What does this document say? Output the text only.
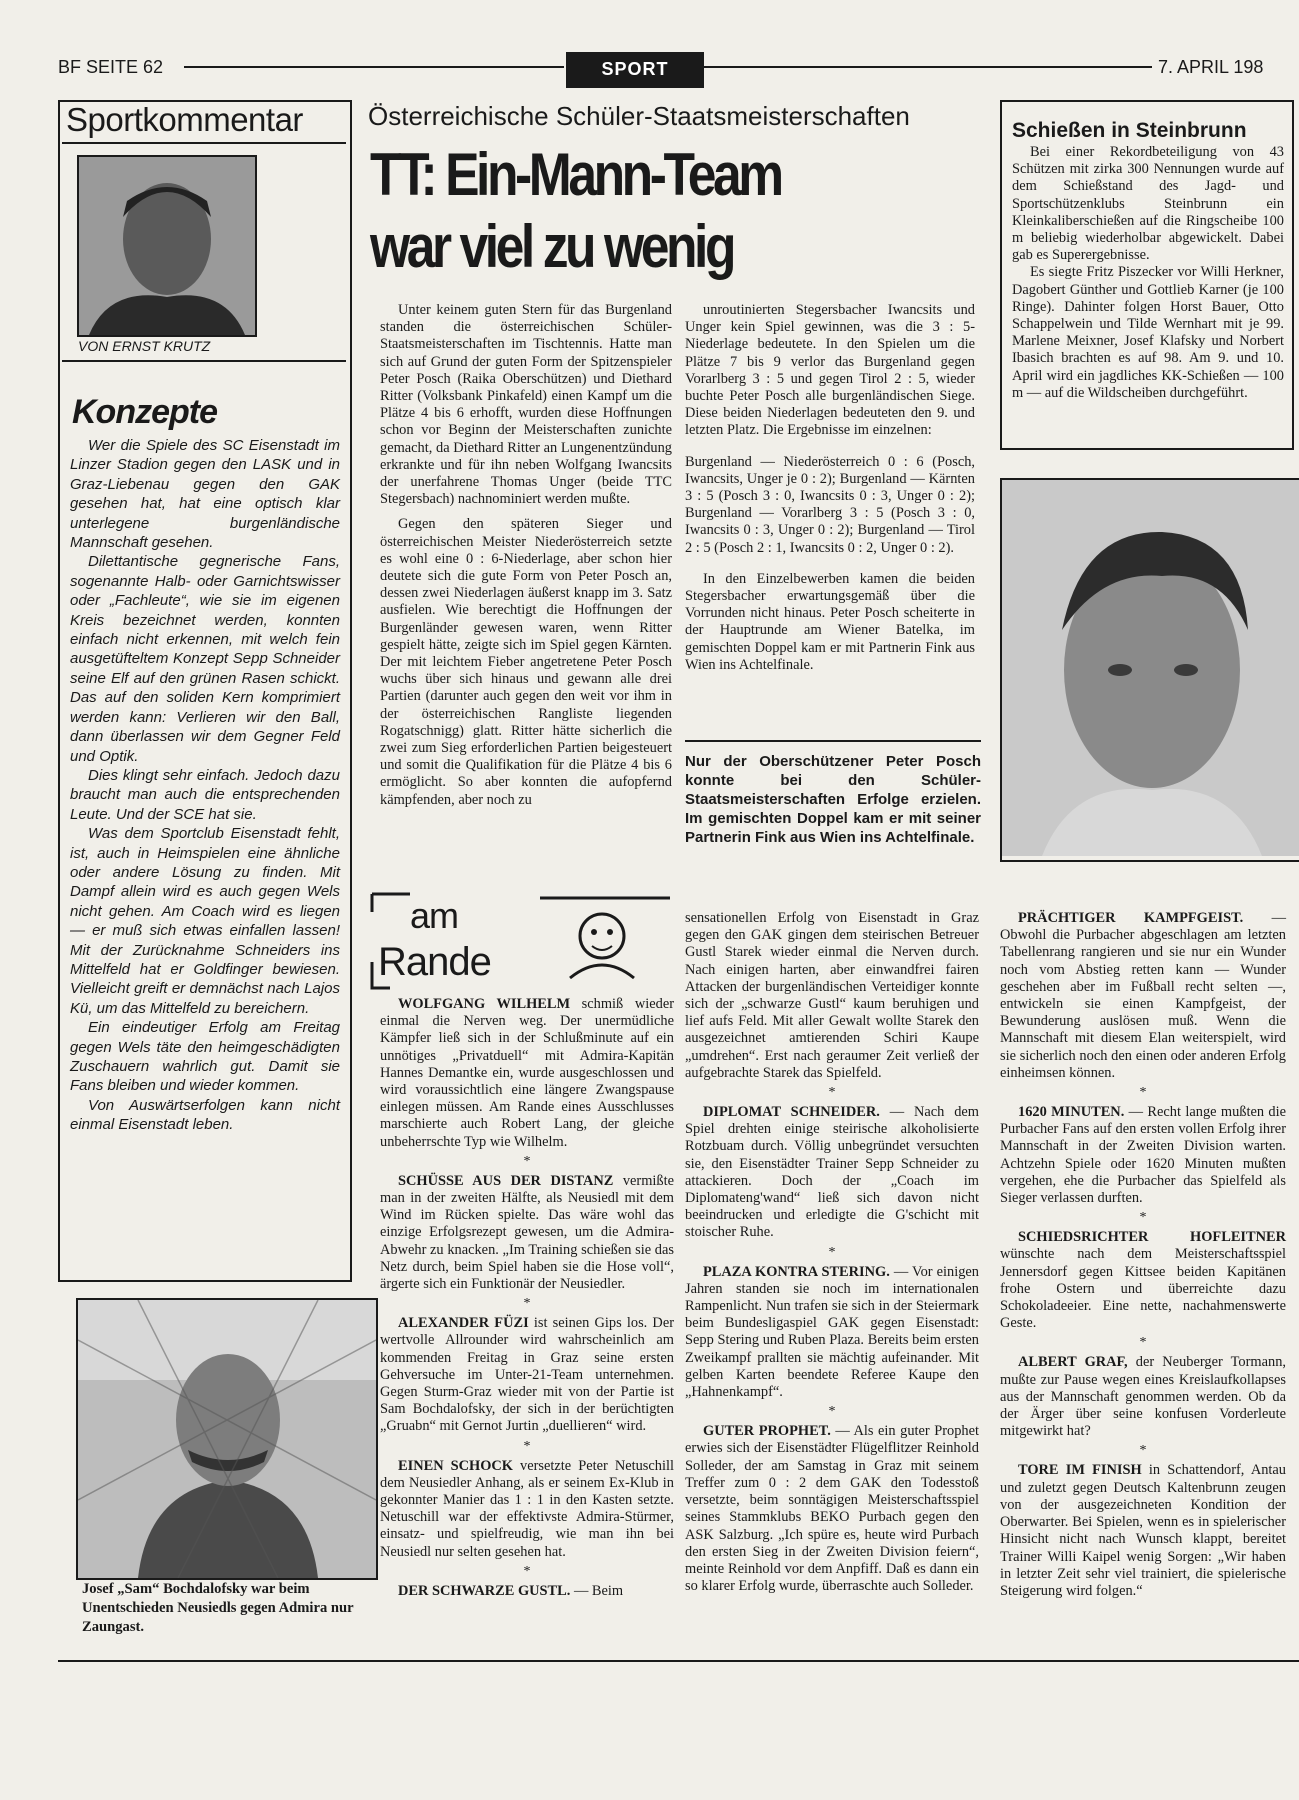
BF SEITE 62	SPORT	7. APRIL 198
Sportkommentar
VON ERNST KRUTZ
Konzepte

Wer die Spiele des SC Eisenstadt im Linzer Stadion gegen den LASK und in Graz-Liebenau gegen den GAK gesehen hat, hat eine optisch klar unterlegene burgenländische Mannschaft gesehen.

Dilettantische gegnerische Fans, sogenannte Halb- oder Garnichtswisser oder „Fachleute“, wie sie im eigenen Kreis bezeichnet werden, konnten einfach nicht erkennen, mit welch fein ausgetüfteltem Konzept Sepp Schneider seine Elf auf den grünen Rasen schickt. Das auf den soliden Kern komprimiert werden kann: Verlieren wir den Ball, dann überlassen wir dem Gegner Feld und Optik.

Dies klingt sehr einfach. Jedoch dazu braucht man auch die entsprechenden Leute. Und der SCE hat sie.

Was dem Sportclub Eisenstadt fehlt, ist, auch in Heimspielen eine ähnliche oder andere Lösung zu finden. Mit Dampf allein wird es auch gegen Wels nicht gehen. Am Coach wird es liegen — er muß sich etwas einfallen lassen! Mit der Zurücknahme Schneiders ins Mittelfeld hat er Goldfinger bewiesen. Vielleicht greift er demnächst nach Lajos Kü, um das Mittelfeld zu bereichern.

Ein eindeutiger Erfolg am Freitag gegen Wels täte den heimgeschädigten Zuschauern wahrlich gut. Damit sie Fans bleiben und wieder kommen.

Von Auswärtserfolgen kann nicht einmal Eisenstadt leben.

Josef „Sam“ Bochdalofsky war beim Unentschieden Neusiedls gegen Admira nur Zaungast.
Österreichische Schüler-Staatsmeisterschaften
TT: Ein-Mann-Team
war viel zu wenig

Unter keinem guten Stern für das Burgenland standen die österreichischen Schüler-Staatsmeisterschaften im Tischtennis. Hatte man sich auf Grund der guten Form der Spitzenspieler Peter Posch (Raika Oberschützen) und Diethard Ritter (Volksbank Pinkafeld) einen Kampf um die Plätze 4 bis 6 erhofft, wurden diese Hoffnungen schon vor Beginn der Meisterschaften zunichte gemacht, da Diethard Ritter an Lungenentzündung erkrankte und für ihn neben Wolfgang Iwancsits der unerfahrene Thomas Unger (beide TTC Stegersbach) nachnominiert werden mußte.

Gegen den späteren Sieger und österreichischen Meister Niederösterreich setzte es wohl eine 0 : 6-Niederlage, aber schon hier deutete sich die gute Form von Peter Posch an, dessen zwei Niederlagen äußerst knapp im 3. Satz ausfielen. Wie berechtigt die Hoffnungen der Burgenländer gewesen waren, wenn Ritter gespielt hätte, zeigte sich im Spiel gegen Kärnten. Der mit leichtem Fieber angetretene Peter Posch wuchs über sich hinaus und gewann alle drei Partien (darunter auch gegen den weit vor ihm in der österreichischen Rangliste liegenden Rogatschnigg) glatt. Ritter hätte sicherlich die zwei zum Sieg erforderlichen Partien beigesteuert und somit die Qualifikation für die Plätze 4 bis 6 ermöglicht. So aber konnten die aufopfernd kämpfenden, aber noch zu

unroutinierten Stegersbacher Iwancsits und Unger kein Spiel gewinnen, was die 3 : 5-Niederlage bedeutete. In den Spielen um die Plätze 7 bis 9 verlor das Burgenland gegen Vorarlberg 3 : 5 und gegen Tirol 2 : 5, wieder buchte Peter Posch alle burgenländischen Siege. Diese beiden Niederlagen bedeuteten den 9. und letzten Platz. Die Ergebnisse im einzelnen:

Burgenland — Niederösterreich 0 : 6 (Posch, Iwancsits, Unger je 0 : 2); Burgenland — Kärnten 3 : 5 (Posch 3 : 0, Iwancsits 0 : 3, Unger 0 : 2); Burgenland — Vorarlberg 3 : 5 (Posch 3 : 0, Iwancsits 0 : 3, Unger 0 : 2); Burgenland — Tirol 2 : 5 (Posch 2 : 1, Iwancsits 0 : 2, Unger 0 : 2).

In den Einzelbewerben kamen die beiden Stegersbacher erwartungsgemäß über die Vorrunden nicht hinaus. Peter Posch scheiterte in der Hauptrunde am Wiener Batelka, im gemischten Doppel kam er mit Partnerin Fink aus Wien ins Achtelfinale.

Nur der Oberschützener Peter Posch konnte bei den Schüler-Staatsmeisterschaften Erfolge erzielen. Im gemischten Doppel kam er mit seiner Partnerin Fink aus Wien ins Achtelfinale.
Schießen in Steinbrunn

Bei einer Rekordbeteiligung von 43 Schützen mit zirka 300 Nennungen wurde auf dem Schießstand des Jagd- und Sportschützenklubs Steinbrunn ein Kleinkaliberschießen auf die Ringscheibe 100 m beliebig wiederholbar abgewickelt. Dabei gab es Superergebnisse.

Es siegte Fritz Piszecker vor Willi Herkner, Dagobert Günther und Gottlieb Karner (je 100 Ringe). Dahinter folgen Horst Bauer, Otto Schappelwein und Tilde Wernhart mit je 99. Marlene Meixner, Josef Klafsky und Norbert Ibasich brachten es auf 98. Am 9. und 10. April wird ein jagdliches KK-Schießen — 100 m — auf die Wildscheiben durchgeführt.

am
Rande

WOLFGANG WILHELM schmiß wieder einmal die Nerven weg. Der unermüdliche Kämpfer ließ sich in der Schlußminute auf ein unnötiges „Privatduell“ mit Admira-Kapitän Hannes Demantke ein, wurde ausgeschlossen und wird voraussichtlich eine längere Zwangspause einlegen müssen. Am Rande eines Ausschlusses marschierte auch Robert Lang, der gleiche unbeherrschte Typ wie Wilhelm.

*

SCHÜSSE AUS DER DISTANZ vermißte man in der zweiten Hälfte, als Neusiedl mit dem Wind im Rücken spielte. Das wäre wohl das einzige Erfolgsrezept gewesen, um die Admira-Abwehr zu knacken. „Im Training schießen sie das Netz durch, beim Spiel haben sie die Hose voll“, ärgerte sich ein Funktionär der Neusiedler.

*

ALEXANDER FÜZI ist seinen Gips los. Der wertvolle Allrounder wird wahrscheinlich am kommenden Freitag in Graz seine ersten Gehversuche im Unter-21-Team unternehmen. Gegen Sturm-Graz wieder mit von der Partie ist Sam Bochdalofsky, der sich in der berüchtigten „Gruabn“ mit Gernot Jurtin „duellieren“ wird.

*

EINEN SCHOCK versetzte Peter Netuschill dem Neusiedler Anhang, als er seinem Ex-Klub in gekonnter Manier das 1 : 1 in den Kasten setzte. Netuschill war der effektivste Admira-Stürmer, einsatz- und spielfreudig, wie man ihn bei Neusiedl nur selten gesehen hat.

*

DER SCHWARZE GUSTL. — Beim

sensationellen Erfolg von Eisenstadt in Graz gegen den GAK gingen dem steirischen Betreuer Gustl Starek wieder einmal die Nerven durch. Nach einigen harten, aber einwandfrei fairen Attacken der burgenländischen Verteidiger konnte sich der „schwarze Gustl“ kaum beruhigen und lief aufs Feld. Mit aller Gewalt wollte Starek den ausgezeichnet amtierenden Schiri Kaupe „umdrehen“. Erst nach geraumer Zeit verließ der aufgebrachte Starek das Spielfeld.

*

DIPLOMAT SCHNEIDER. — Nach dem Spiel drehten einige steirische alkoholisierte Rotzbuam durch. Völlig unbegründet versuchten sie, den Eisenstädter Trainer Sepp Schneider zu attackieren. Doch der „Coach im Diplomateng'wand“ ließ sich davon nicht beeindrucken und erledigte die G'schicht mit stoischer Ruhe.

*

PLAZA KONTRA STERING. — Vor einigen Jahren standen sie noch im internationalen Rampenlicht. Nun trafen sie sich in der Steiermark beim Bundesligaspiel GAK gegen Eisenstadt: Sepp Stering und Ruben Plaza. Bereits beim ersten Zweikampf prallten sie mächtig aufeinander. Mit gelben Karten beendete Referee Kaupe den „Hahnenkampf“.

*

GUTER PROPHET. — Als ein guter Prophet erwies sich der Eisenstädter Flügelflitzer Reinhold Solleder, der am Samstag in Graz mit seinem Treffer zum 0 : 2 dem GAK den Todesstoß versetzte, beim sonntägigen Meisterschaftsspiel seines Stammklubs BEKO Purbach gegen den ASK Salzburg. „Ich spüre es, heute wird Purbach den ersten Sieg in der Zweiten Division feiern“, meinte Reinhold vor dem Anpfiff. Daß es dann ein so klarer Erfolg wurde, überraschte auch Solleder.

PRÄCHTIGER KAMPFGEIST. — Obwohl die Purbacher abgeschlagen am letzten Tabellenrang rangieren und sie nur ein Wunder noch vom Abstieg retten kann — Wunder geschehen aber im Fußball recht selten —, entwickeln sie einen Kampfgeist, der Bewunderung auslösen muß. Wenn die Mannschaft mit diesem Elan weiterspielt, wird sie sicherlich noch den einen oder anderen Erfolg einheimsen können.

*

1620 MINUTEN. — Recht lange mußten die Purbacher Fans auf den ersten vollen Erfolg ihrer Mannschaft in der Zweiten Division warten. Achtzehn Spiele oder 1620 Minuten mußten vergehen, ehe die Purbacher das Spielfeld als Sieger verlassen durften.

*

SCHIEDSRICHTER HOFLEITNER wünschte nach dem Meisterschaftsspiel Jennersdorf gegen Kittsee beiden Kapitänen frohe Ostern und überreichte dazu Schokoladeeier. Eine nette, nachahmenswerte Geste.

*

ALBERT GRAF, der Neuberger Tormann, mußte zur Pause wegen eines Kreislaufkollapses aus der Mannschaft genommen werden. Ob da der Ärger über seine konfusen Vorderleute mitgewirkt hat?

*

TORE IM FINISH in Schattendorf, Antau und zuletzt gegen Deutsch Kaltenbrunn zeugen von der ausgezeichneten Kondition der Oberwarter. Bei Spielen, wenn es in spielerischer Hinsicht nicht nach Wunsch klappt, bereitet Trainer Willi Kaipel wenig Sorgen: „Wir haben in letzter Zeit sehr viel trainiert, die spielerische Steigerung wird folgen.“
